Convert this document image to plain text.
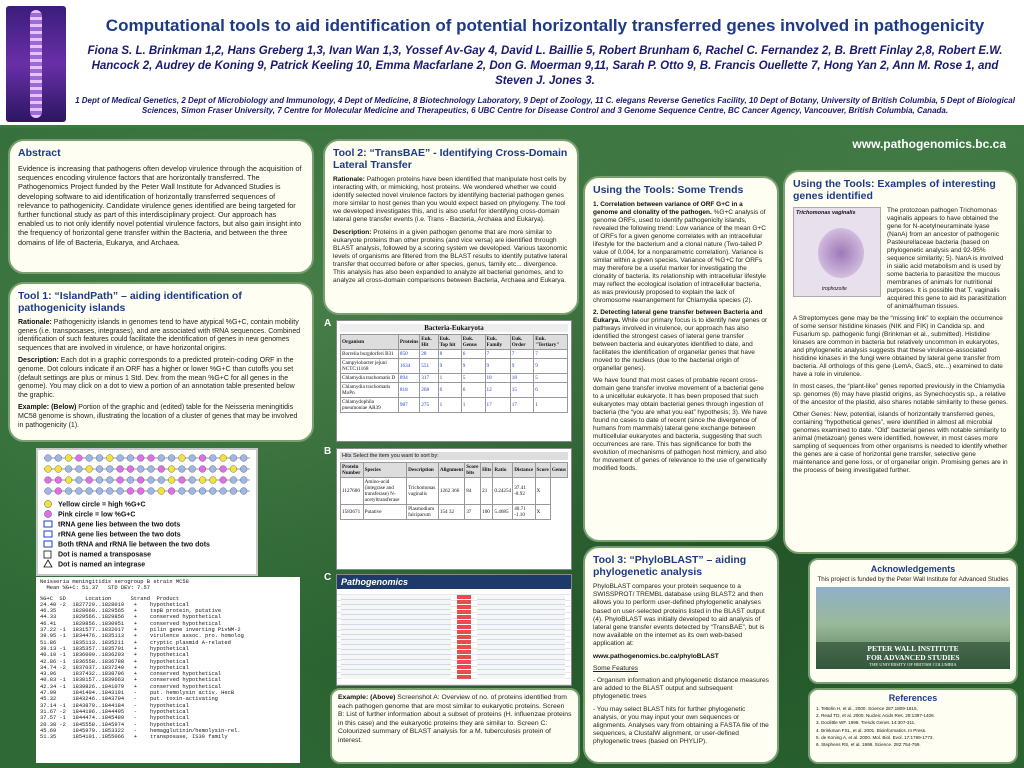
Computational tools to aid identification of potential horizontally transferred genes involved in pathogenicity
Fiona S. L. Brinkman 1,2, Hans Greberg 1,3, Ivan Wan 1,3, Yossef Av-Gay 4, David L. Baillie 5, Robert Brunham 6, Rachel C. Fernandez 2, B. Brett Finlay 2,8, Robert E.W. Hancock 2, Audrey de Koning 9, Patrick Keeling 10, Emma Macfarlane 2, Don G. Moerman 9,11, Sarah P. Otto 9, B. Francis Ouellette 7, Hong Yan 2, Ann M. Rose 1, and Steven J. Jones 3.
1 Dept of Medical Genetics, 2 Dept of Microbiology and Immunology, 4 Dept of Medicine, 8 Biotechnology Laboratory, 9 Dept of Zoology, 11 C. elegans Reverse Genetics Facility, 10 Dept of Botany, University of British Columbia, 5 Dept of Biological Sciences, Simon Fraser University, 7 Centre for Molecular Medicine and Therapeutics, 6 UBC Centre for Disease Control and 3 Genome Sequence Centre, BC Cancer Agency, Vancouver, British Columbia, Canada.
www.pathogenomics.bc.ca
Abstract
Evidence is increasing that pathogens often develop virulence through the acquisition of sequences encoding virulence factors that are horizontally transferred. The Pathogenomics Project funded by the Peter Wall Institute for Advanced Studies is developing software to aid identification of horizontally transferred sequences of relevance to pathogenicity. Candidate virulence genes identified are being targeted for further functional study as part of this interdisciplinary project. Our approach has enabled us to not only identify novel potential virulence factors, but also gain insight into the frequency of horizontal gene transfer within the Bacteria, and between the three domains of life of Bacteria, Eukarya, and Archaea.
Tool 1: “IslandPath” – aiding identification of pathogenicity islands

Rationale: Pathogenicity islands in genomes tend to have atypical %G+C, contain mobility genes (i.e. transposases, integrases), and are associated with tRNA sequences. Combined identification of such features could facilitate the identification of genes in new genomes sequences that are involved in virulence, or have horizontal origins.

Description: Each dot in a graphic corresponds to a predicted protein-coding ORF in the genome. Dot colours indicate if an ORF has a higher or lower %G+C than cutoffs you set (default settings are plus or minus 1 Std. Dev. from the mean %G+C for all genes in the genome). You may click on a dot to view a portion of an annotation table presented below the graphic.

Example: (Below) Portion of the graphic and (edited) table for the Neisseria meningitidis MC58 genome is shown, illustrating the location of a cluster of genes that may be involved in pathogenicity (1).

Yellow circle = high %G+C
Pink circle = low %G+C
tRNA gene lies between the two dots
rRNA gene lies between the two dots
Both tRNA and rRNA lie between the two dots
Dot is named a transposase
Dot is named an integrase
Neisseria meningitidis serogroup B strain MC58
Mean %G+C: 51.37   STD DEV: 7.57
%G+C  SD      Location      Strand  Product
24.40 -2  1827729..1828019   +    hypothetical
46.35     1828060..1829565   +    tspB protein, putative
44.33     1829566..1829856   +    conserved hypothetical
46.41     1829856..1830951   +    conserved hypothetical
37.22 -1  1831577..1832017   +    pilin gene inverting PivNM-2
39.95 -1  1834476..1835113   +    virulence assoc. pro. homolog
51.86     1835113..1835211   +    cryptic plasmid A-related
39.13 -1  1835357..1835701   +    hypothetical
40.10 -1  1836009..1836203   +    hypothetical
42.86 -1  1836558..1836788   +    hypothetical
34.74 -2  1837037..1837249   +    hypothetical
43.96     1837432..1838796   +    conserved hypothetical
40.83 -1  1838157..1839663   +    conserved hypothetical
42.34 -1  1839826..1841079   +    conserved hypothetical
47.99     1841404..1843191   -    put. hemolysin activ. HecB
45.32     1843246..1843704   -    put. toxin-activating
37.14 -1  1843870..1844184   -    hypothetical
31.67 -2  1844196..1844495   -    hypothetical
37.57 -1  1844474..1845489   -    hypothetical
20.38 -2  1845558..1845974   -    hypothetical
45.69     1845979..1853322   -    hemagglutinin/hemolysin-rel.
51.35     1854101..1855066   +    transposase, IS30 family
Tool 2: “TransBAE” - Identifying Cross-Domain Lateral Transfer

Rationale: Pathogen proteins have been identified that manipulate host cells by interacting with, or mimicking, host proteins. We wondered whether we could identify selected novel virulence factors by identifying bacterial pathogen genes more similar to host genes than you would expect based on phylogeny. The tool we developed investigates this, and is also useful for identifying cross-domain lateral gene transfer events (i.e. Trans - Bacteria, Archaea and Eukarya).

Description: Proteins in a given pathogen genome that are more similar to eukaryote proteins than other proteins (and vice versa) are identified through BLAST analysis, followed by a scoring system we developed. Various taxonomic levels of organisms are filtered from the BLAST results to identify putative lateral transfer that occurred before or after species, genus, family etc... divergence. This analysis has also been expanded to analyze all bacterial genomes, and to analyze all cross-domain comparisons between Bacteria, Archaea and Eukarya.

A
B
C
Bacteria-Eukaryota
Organism	Proteins	Euk. Hit	Euk. Top hit	Euk. Genus	Euk. Family	Euk. Order	Euk. "Tertiary"
Borrelia burgdorferi B31	850	28	8	6	7	7	7
Campylobacter jejuni NCTC11168	1634	551	9	9	9	9	9
Chlamydia trachomatis D	894	317	1	5	18	18	5
Chlamydia trachomatis MoPn	818	268	6	6	12	15	6
Chlamydophila pneumoniae AR39	987	275	1	1	17	17	1
Hits Select the item you want to sort by:
Protein Number	Species	Description	Alignment	Score bits	Hits	Ratio	Distance	Score	Genus
1127600	Amino-acid (integrase and transferase) N-acetyltransferase	Trichomonas vaginalis	1262 366	84	21	0.24254	37.41 -8.92	X	
1583671	Putative	Plasmodium falciparum	154 32	37	100	5.4685	40.71 -1.10	X	
Pathogenomics
Example: (Above) Screenshot A: Overview of no. of proteins identified from each pathogen genome that are most similar to eukaryotic proteins. Screen B: List of further information about a subset of proteins (H. influenzae proteins in this case) and the eukaryotic proteins they are similar to. Screen C: Colourized summary of BLAST analysis for a M. tuberculosis protein of interest.
Using the Tools: Some Trends

1. Correlation between variance of ORF G+C in a genome and clonality of the pathogen. %G+C analysis of genome ORFs, used to identify pathogenicity islands, revealed the following trend: Low variance of the mean G+C of ORFs for a given genome correlates with an intracellular lifestyle for the bacterium and a clonal nature (Two-tailed P value of 0.004, for a nonparametric correlation). Variance is similar within a given species. Variance of %G+C for ORFs may therefore be a useful marker for investigating the clonality of bacteria. Its relationship with intracellular lifestyle may reflect the ecological isolation of intracellular bacteria, as was previously proposed to explain the lack of chromosome rearrangement for Chlamydia species (2).

2. Detecting lateral gene transfer between Bacteria and Eukarya. While our primary focus is to identify new genes or pathways involved in virulence, our approach has also identified the strongest cases of lateral gene transfer between bacteria and eukaryotes identified to date, and facilitates the identification of organellar genes that have moved to the nucleus (due to the bacterial origin of organellar genes).

We have found that most cases of probable recent cross-domain gene transfer involve movement of a bacterial gene to a unicellular eukaryote. It has been proposed that such eukaryotes may obtain bacterial genes through ingestion of bacteria (the “you are what you eat” hypothesis; 3). We have found no cases to date of recent (since the divergence of humans from mammals) lateral gene exchange between multicellular eukaryotes and bacteria, suggesting that such occurrences are rare. This has significance for both the evolution of mechanisms of pathogen host mimicry, and also for movement of genes of relevance to the use of genetically modified foods.

Tool 3: “PhyloBLAST” – aiding phylogenetic analysis

PhyloBLAST compares your protein sequence to a SWISSPROT/ TREMBL database using BLAST2 and then allows you to perform user-defined phylogenetic analyses based on user-selected proteins listed in the BLAST output (4). PhyloBLAST was initially developed to aid analysis of lateral gene transfer events detected by “TransBAE”, but is now available on the internet as its own web-based application at:

www.pathogenomics.bc.ca/phyloBLAST

Some Features

- Organism information and phylogenetic distance measures are added to the BLAST output and subsequent phylogenetic trees

- You may select BLAST hits for further phylogenetic analysis, or you may input your own sequences or alignments. Analyses vary from obtaining a FASTA file of the sequences, a ClustalW alignment, or user-defined phylogenetic trees (based on PHYLIP).

Using the Tools: Examples of interesting genes identified
Trichomonas vaginalis
trophozoite
The protozoan pathogen Trichomonas vaginalis appears to have obtained the gene for N-acetylneuraminate lyase (NanA) from an ancestor of pathogenic Pasteurellaceae bacteria (based on phylogenetic analysis and 92-95% sequence similarity; 5). NanA is involved in sialic acid metabolism and is used by some bacteria to parasitize the mucous membranes of animals for nutritional purposes. It is possible that T. vaginalis acquired this gene to aid its parasitization of animal/human tissues.

A Streptomyces gene may be the “missing link” to explain the occurrence of some sensor histidine kinases (NIK and FIK) in Candida sp. and Fusarium sp. pathogenic fungi (Brinkman et al., submitted). Histidine kinases are common in bacteria but relatively uncommon in eukaryotes, and phylogenetic analysis suggests that these virulence-associated histidine kinases in the fungi were obtained by lateral gene transfer from bacteria. All orthologs of this gene (LemA, GacS, etc...) examined to date have a role in virulence.

In most cases, the “plant-like” genes reported previously in the Chlamydia sp. genomes (6) may have plastid origins, as Synechocystis sp., a relative of the ancestor of the plastid, also shares notable similarity to these genes.

Other Genes: New, potential, islands of horizontally transferred genes, containing “hypothetical genes”, were identified in almost all microbial genomes examined to date. “Old” bacterial genes with notable similarity to animal (metazoan) genes were identified, however, in most cases more sampling of sequences from other organisms is needed to identify whether the genes are a case of horizontal gene transfer, selective gene maintenance and gene loss, or of organellar origin. Promising genes are in the process of being investigated further.

Acknowledgements
This project is funded by the Peter Wall Institute for Advanced Studies
PETER WALL INSTITUTE
FOR ADVANCED STUDIES
THE UNIVERSITY OF BRITISH COLUMBIA
References
1. Tettelin H, et al., 2000. Science 287:1809-1815.
2. Read TD, et al. 2000. Nucleic Acids Res. 28:1397-1406.
3. Doolittle WF. 1998. Trends Genet. 14:307-311.
4. Brinkman FSL, et al. 2001. Bioinformatics. In Press.
5. de Koning A, et al. 2000. Mol. Biol. Evol. 17:1769-1773.
6. Stephens RS, et al. 1998. Science. 282:754-759.
